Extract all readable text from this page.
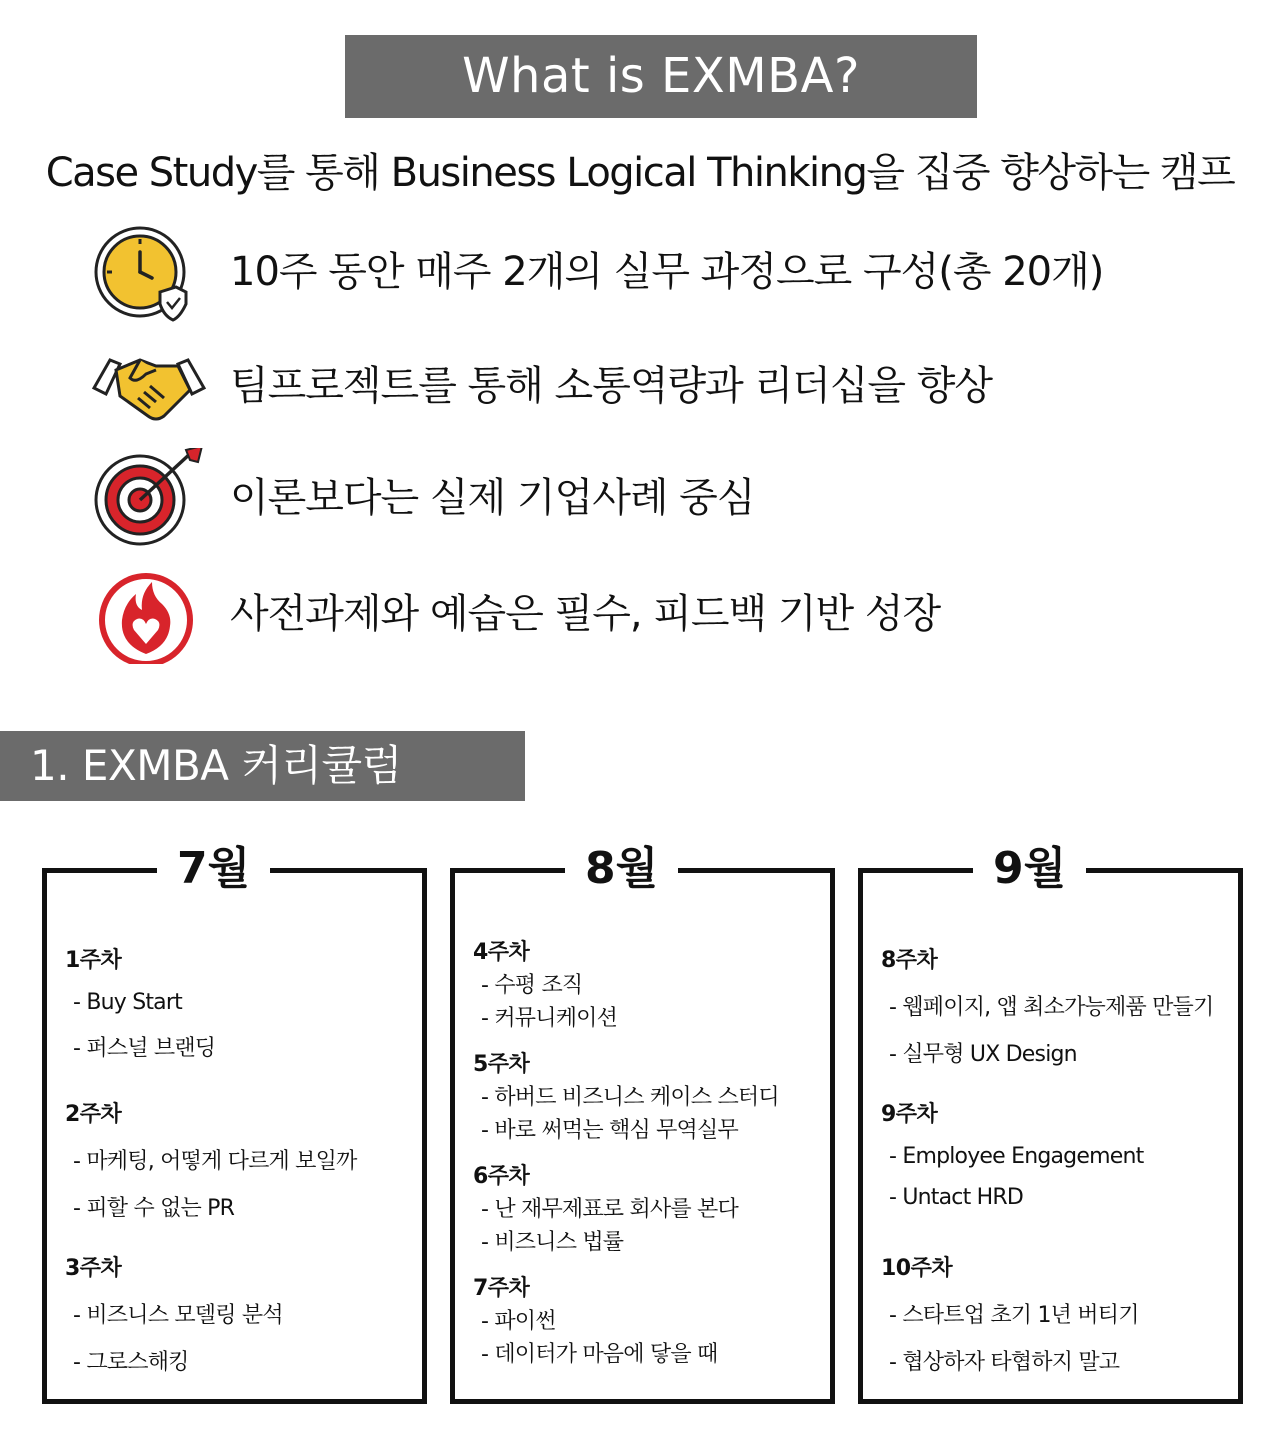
What is EXMBA?
Case Study를 통해 Business Logical Thinking을 집중 향상하는 캠프
10주 동안 매주 2개의 실무 과정으로 구성(총 20개)
팀프로젝트를 통해 소통역량과 리더십을 향상
이론보다는 실제 기업사례 중심
사전과제와 예습은 필수, 피드백 기반 성장
1. EXMBA 커리큘럼
7월
1주차
- Buy Start
- 퍼스널 브랜딩
2주차
- 마케팅, 어떻게 다르게 보일까
- 피할 수 없는 PR
3주차
- 비즈니스 모델링 분석
- 그로스해킹
8월
4주차
- 수평 조직
- 커뮤니케이션
5주차
- 하버드 비즈니스 케이스 스터디
- 바로 써먹는 핵심 무역실무
6주차
- 난 재무제표로 회사를 본다
- 비즈니스 법률
7주차
- 파이썬
- 데이터가 마음에 닿을 때
9월
8주차
- 웹페이지, 앱 최소가능제품 만들기
- 실무형 UX Design
9주차
- Employee Engagement
- Untact HRD
10주차
- 스타트업 초기 1년 버티기
- 협상하자 타협하지 말고
